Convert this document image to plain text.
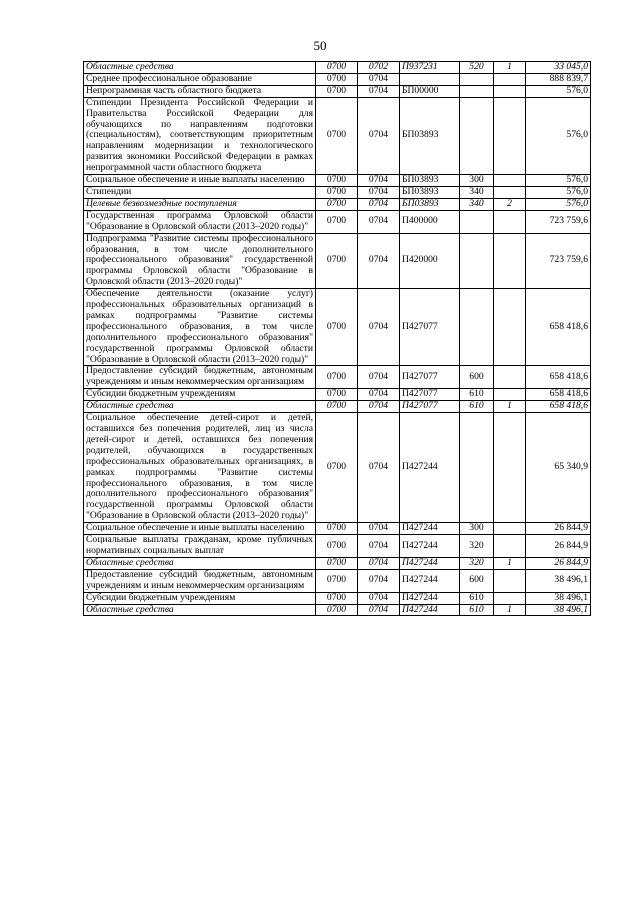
50
Областные средства	0700	0702	П937231	520	1	33 045,0
Среднее профессиональное образование	0700	0704				888 839,7
Непрограммная часть областного бюджета	0700	0704	БП00000			576,0
Стипендии Президента Российской Федерации и Правительства Российской Федерации для обучающихся по направлениям подготовки (специальностям), соответствующим приоритетным направлениям модернизации и технологического развития экономики Российской Федерации в рамках непрограммной части областного бюджета	0700	0704	БП03893			576,0
Социальное обеспечение и иные выплаты населению	0700	0704	БП03893	300		576,0
Стипендии	0700	0704	БП03893	340		576,0
Целевые безвозмездные поступления	0700	0704	БП03893	340	2	576,0
Государственная программа Орловской области "Образование в Орловской области (2013–2020 годы)"	0700	0704	П400000			723 759,6
Подпрограмма "Развитие системы профессионального образования, в том числе дополнительного профессионального образования" государственной программы Орловской области "Образование в Орловской области (2013–2020 годы)"	0700	0704	П420000			723 759,6
Обеспечение деятельности (оказание услуг) профессиональных образовательных организаций в рамках подпрограммы "Развитие системы профессионального образования, в том числе дополнительного профессионального образования" государственной программы Орловской области "Образование в Орловской области (2013–2020 годы)"	0700	0704	П427077			658 418,6
Предоставление субсидий бюджетным, автономным учреждениям и иным некоммерческим организациям	0700	0704	П427077	600		658 418,6
Субсидии бюджетным учреждениям	0700	0704	П427077	610		658 418,6
Областные средства	0700	0704	П427077	610	1	658 418,6
Социальное обеспечение детей-сирот и детей, оставшихся без попечения родителей, лиц из числа детей-сирот и детей, оставшихся без попечения родителей, обучающихся в государственных профессиональных образовательных организациях, в рамках подпрограммы "Развитие системы профессионального образования, в том числе дополнительного профессионального образования" государственной программы Орловской области "Образование в Орловской области (2013–2020 годы)"	0700	0704	П427244			65 340,9
Социальное обеспечение и иные выплаты населению	0700	0704	П427244	300		26 844,9
Социальные выплаты гражданам, кроме публичных нормативных социальных выплат	0700	0704	П427244	320		26 844,9
Областные средства	0700	0704	П427244	320	1	26 844,9
Предоставление субсидий бюджетным, автономным учреждениям и иным некоммерческим организациям	0700	0704	П427244	600		38 496,1
Субсидии бюджетным учреждениям	0700	0704	П427244	610		38 496,1
Областные средства	0700	0704	П427244	610	1	38 496,1
